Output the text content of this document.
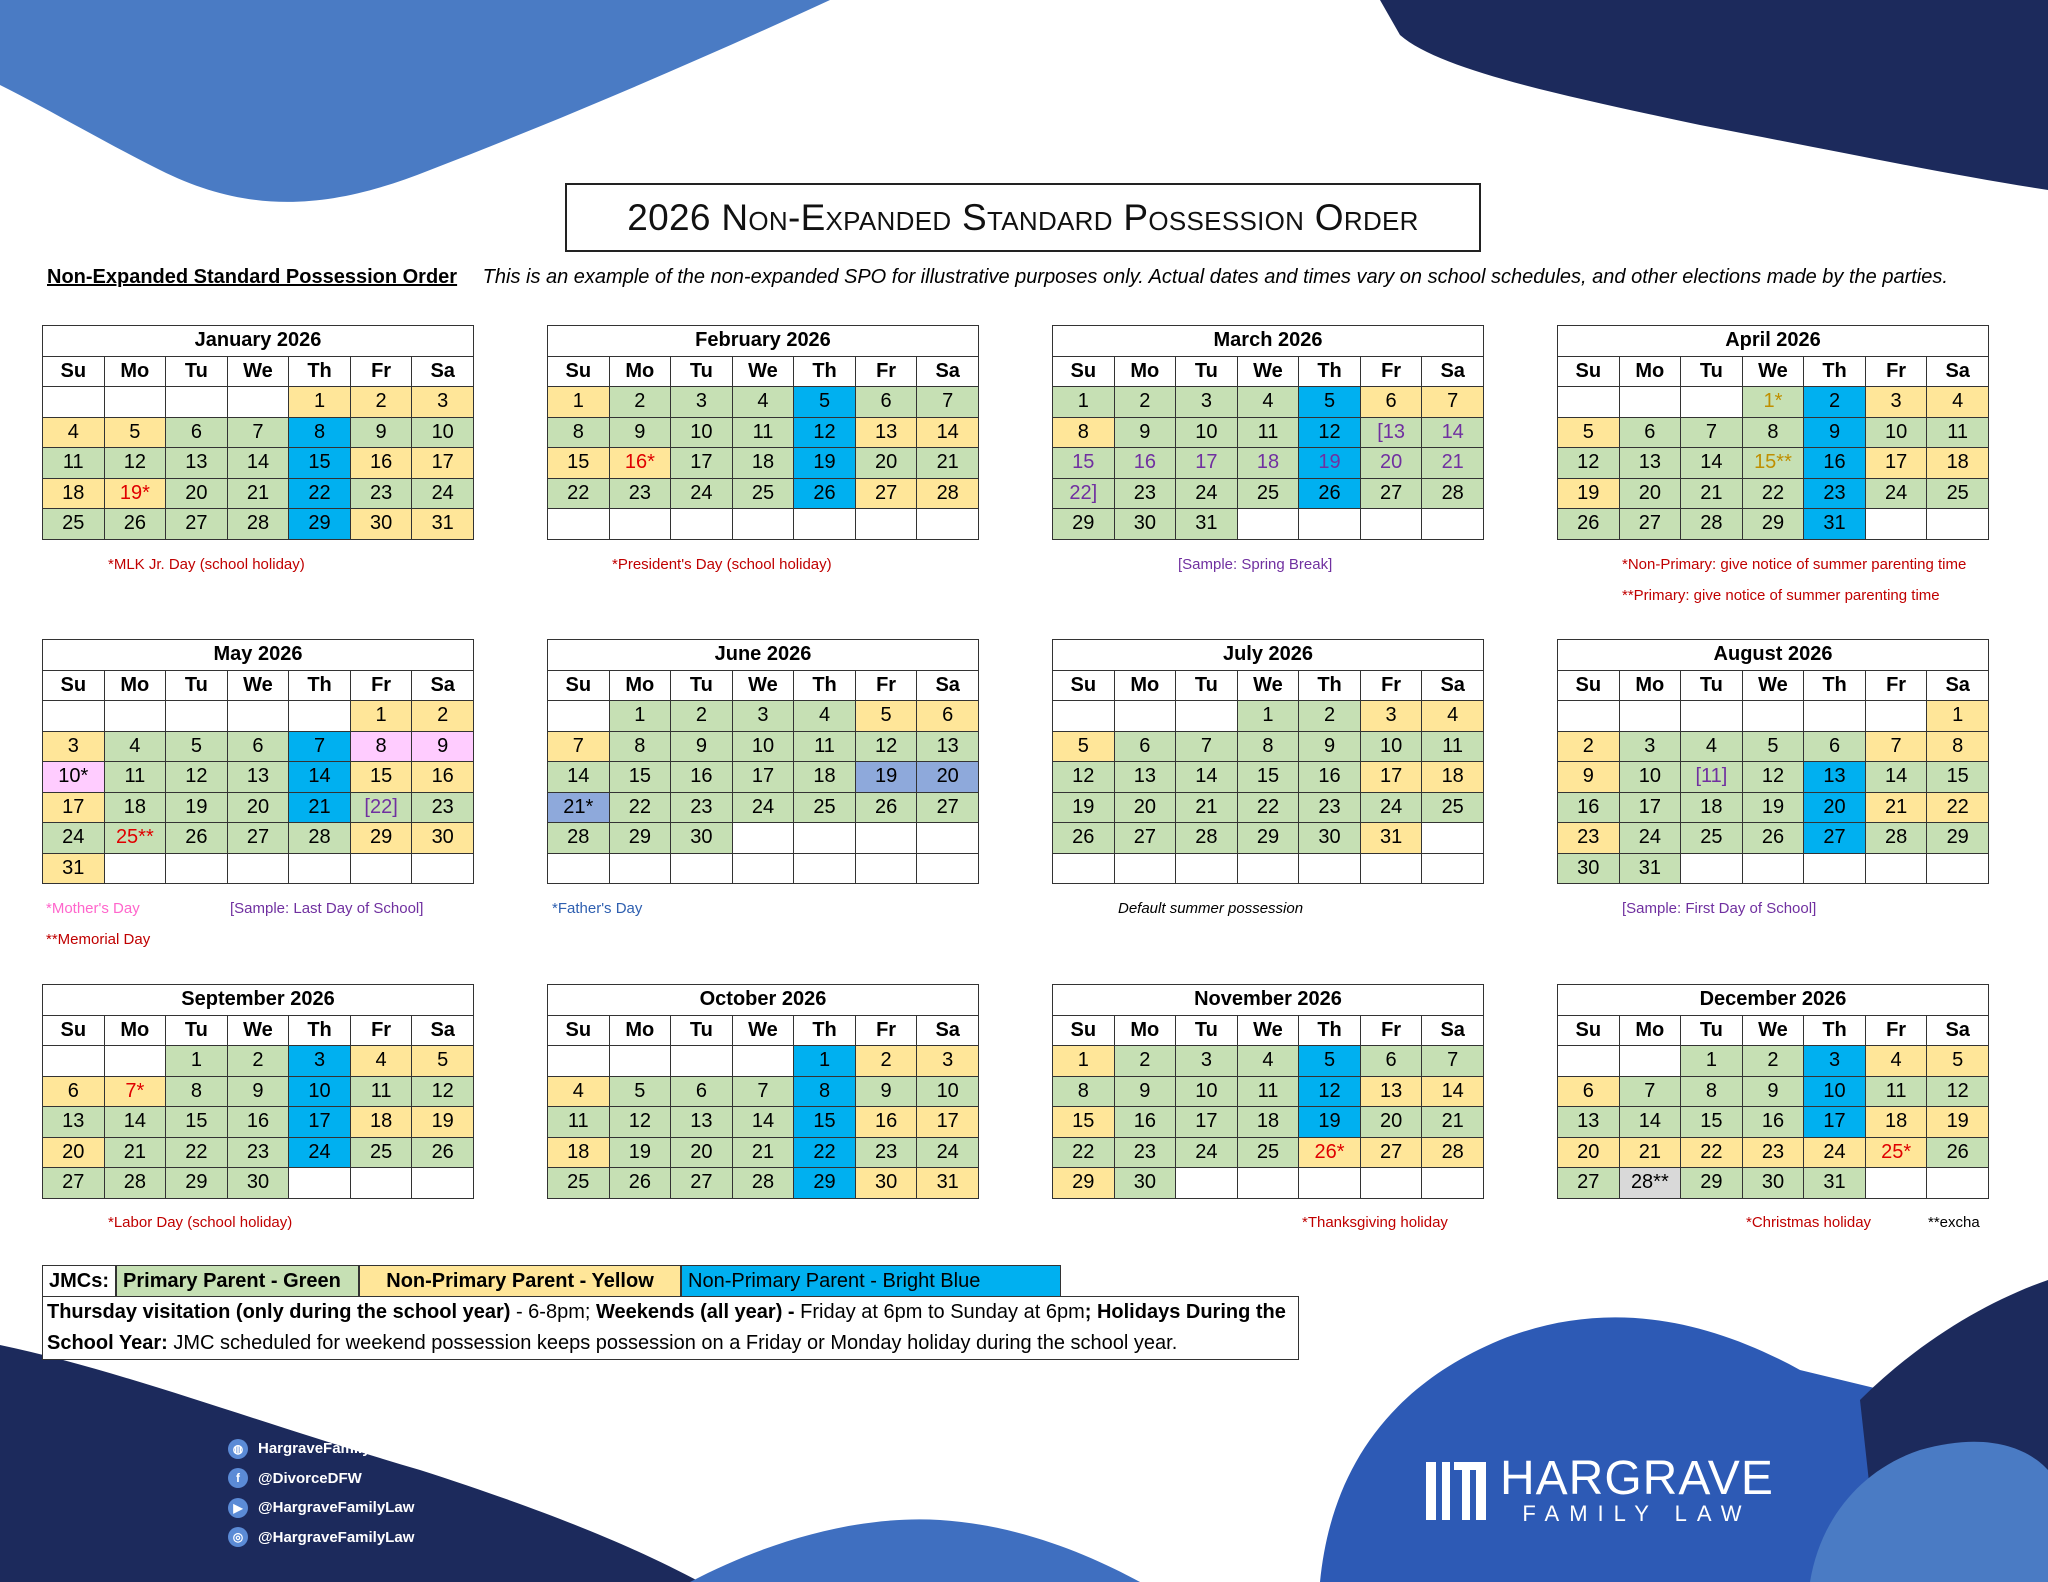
2026 Non-Expanded Standard Possession Order
Non-Expanded Standard Possession Order This is an example of the non-expanded SPO for illustrative purposes only. Actual dates and times vary on school schedules, and other elections made by the parties.
January 2026						
Su	Mo	Tu	We	Th	Fr	Sa
				1	2	3
4	5	6	7	8	9	10
11	12	13	14	15	16	17
18	19*	20	21	22	23	24
25	26	27	28	29	30	31
February 2026						
Su	Mo	Tu	We	Th	Fr	Sa
1	2	3	4	5	6	7
8	9	10	11	12	13	14
15	16*	17	18	19	20	21
22	23	24	25	26	27	28

March 2026						
Su	Mo	Tu	We	Th	Fr	Sa
1	2	3	4	5	6	7
8	9	10	11	12	[13	14
15	16	17	18	19	20	21
22]	23	24	25	26	27	28
29	30	31				
April 2026						
Su	Mo	Tu	We	Th	Fr	Sa
			1*	2	3	4
5	6	7	8	9	10	11
12	13	14	15**	16	17	18
19	20	21	22	23	24	25
26	27	28	29	31		
May 2026						
Su	Mo	Tu	We	Th	Fr	Sa
					1	2
3	4	5	6	7	8	9
10*	11	12	13	14	15	16
17	18	19	20	21	[22]	23
24	25**	26	27	28	29	30
31						
June 2026						
Su	Mo	Tu	We	Th	Fr	Sa
	1	2	3	4	5	6
7	8	9	10	11	12	13
14	15	16	17	18	19	20
21*	22	23	24	25	26	27
28	29	30				

July 2026						
Su	Mo	Tu	We	Th	Fr	Sa
			1	2	3	4
5	6	7	8	9	10	11
12	13	14	15	16	17	18
19	20	21	22	23	24	25
26	27	28	29	30	31	

August 2026						
Su	Mo	Tu	We	Th	Fr	Sa
						1
2	3	4	5	6	7	8
9	10	[11]	12	13	14	15
16	17	18	19	20	21	22
23	24	25	26	27	28	29
30	31					
September 2026						
Su	Mo	Tu	We	Th	Fr	Sa
		1	2	3	4	5
6	7*	8	9	10	11	12
13	14	15	16	17	18	19
20	21	22	23	24	25	26
27	28	29	30			
October 2026						
Su	Mo	Tu	We	Th	Fr	Sa
				1	2	3
4	5	6	7	8	9	10
11	12	13	14	15	16	17
18	19	20	21	22	23	24
25	26	27	28	29	30	31
November 2026						
Su	Mo	Tu	We	Th	Fr	Sa
1	2	3	4	5	6	7
8	9	10	11	12	13	14
15	16	17	18	19	20	21
22	23	24	25	26*	27	28
29	30					
December 2026						
Su	Mo	Tu	We	Th	Fr	Sa
		1	2	3	4	5
6	7	8	9	10	11	12
13	14	15	16	17	18	19
20	21	22	23	24	25*	26
27	28**	29	30	31		
*MLK Jr. Day (school holiday)	*President's Day (school holiday)	[Sample: Spring Break]	*Non-Primary: give notice of summer parenting time
**Primary: give notice of summer parenting time
*Mother's Day	[Sample: Last Day of School]
**Memorial Day
*Father's Day	Default summer possession	[Sample: First Day of School]
*Labor Day (school holiday)	*Thanksgiving holiday	*Christmas holiday	**excha
JMCs: Primary Parent - Green	Non-Primary Parent - Yellow	Non-Primary Parent - Bright Blue
Thursday visitation (only during the school year) - 6-8pm; Weekends (all year) - Friday at 6pm to Sunday at 6pm; Holidays During the School Year: JMC scheduled for weekend possession keeps possession on a Friday or Monday holiday during the school year.
◍ HargraveFamilyLaw.com
f	@DivorceDFW
▶	@HargraveFamilyLaw
◎ @HargraveFamilyLaw
HARGRAVE
FAMILY LAW
